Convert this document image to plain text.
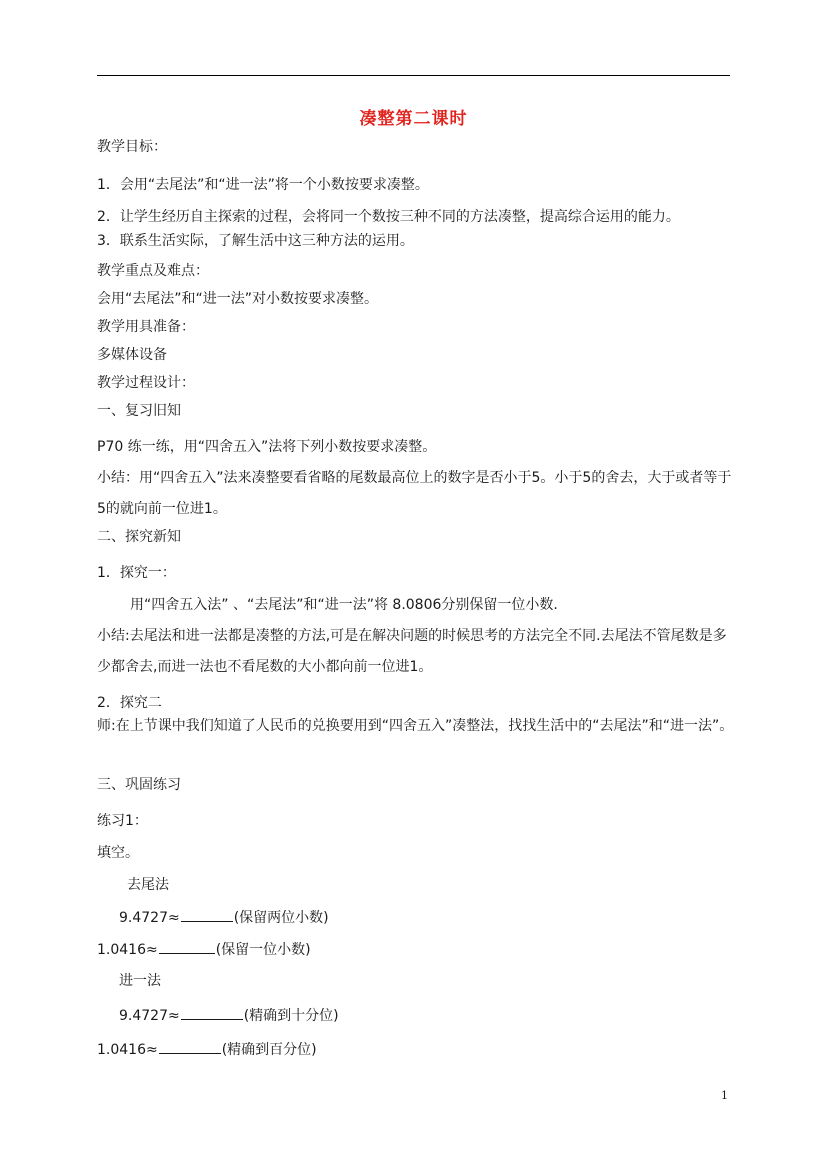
凑整第二课时
教学目标：
1．会用“去尾法”和“进一法”将一个小数按要求凑整。
2．让学生经历自主探索的过程，会将同一个数按三种不同的方法凑整，提高综合运用的能力。
3．联系生活实际，了解生活中这三种方法的运用。
教学重点及难点：
会用“去尾法”和“进一法”对小数按要求凑整。
教学用具准备：
多媒体设备
教学过程设计：
一、复习旧知
P70 练一练，用“四舍五入”法将下列小数按要求凑整。
小结：用“四舍五入”法来凑整要看省略的尾数最高位上的数字是否小于5。小于5的舍去，大于或者等于5的就向前一位进1。
二、探究新知
1．探究一：
用“四舍五入法” 、“去尾法”和“进一法”将 8.0806分别保留一位小数.
小结:去尾法和进一法都是凑整的方法,可是在解决问题的时候思考的方法完全不同.去尾法不管尾数是多少都舍去,而进一法也不看尾数的大小都向前一位进1。
2．探究二
师:在上节课中我们知道了人民币的兑换要用到“四舍五入”凑整法，找找生活中的“去尾法”和“进一法”。
三、巩固练习
练习1：
填空。
去尾法
9.4727≈	(保留两位小数)
1.0416≈	(保留一位小数)
进一法
9.4727≈	(精确到十分位)
1.0416≈	(精确到百分位)
1
